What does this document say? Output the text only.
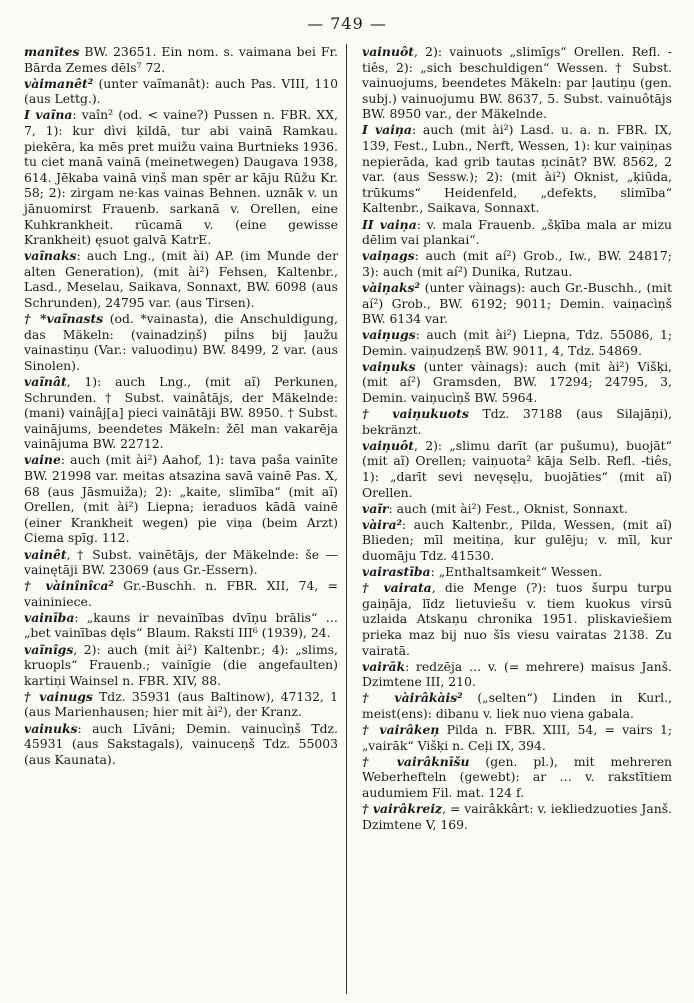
— 749 —

manītes BW. 23651. Ein nom. s. vaimana bei Fr. Bārda Zemes dēls⁷ 72.

vàimanêt² (unter vaĩmanât): auch Pas. VIII, 110 (aus Lettg.).

I vaĩna: vaîn² (od. < vaine?) Pussen n. FBR. XX, 7, 1): kur dìvi ķildā, tur abi vainā Ramkau. piekēra, ka mēs pret muižu vaina Burtnieks 1936. tu ciet manā vainā (meinetwegen) Daugava 1938, 614. Jēkaba vainā viņš man spēr ar kāju Rūžu Kr. 58; 2): zirgam ne·kas vainas Behnen. uznāk v. un jānuomirst Frauenb. sarkanā v. Orellen, eine Kuhkrankheit. rūcamā v. (eine gewisse Krankheit) ęsuot galvā KatrE.

vaĩnaks: auch Lng., (mit ài) AP. (im Munde der alten Generation), (mit ài²) Fehsen, Kaltenbr., Lasd., Meselau, Saikava, Sonnaxt, BW. 6098 (aus Schrunden), 24795 var. (aus Tirsen).

† *vaĩnasts (od. *vainasta), die Anschuldigung, das Mäkeln: (vainadziņš) piĺns bij ļaužu vainastiņu (Var.: valuodiņu) BW. 8499, 2 var. (aus Sinolen).

vaĩnât, 1): auch Lng., (mit aĩ) Perkunen, Schrunden. † Subst. vainâtājs, der Mäkelnde: (mani) vainâj[a] pieci vainātāji BW. 8950. † Subst. vainājums, beendetes Mäkeln: žēl man vakarēja vainājuma BW. 22712.

vaine: auch (mit ài²) Aahof, 1): tava paša vainīte BW. 21998 var. meitas atsazina savā vainē Pas. X, 68 (aus Jāsmuiža); 2): „kaite, slimība“ (mit aĩ) Orellen, (mit ài²) Liepna; ieraduos kādā vainē (einer Krankheit wegen) pie viņa (beim Arzt) Ciema spīg. 112.

vainêt, † Subst. vainētājs, der Mäkelnde: še — vainętāji BW. 23069 (aus Gr.-Essern).

† vàinînîca² Gr.-Buschh. n. FBR. XII, 74, = vaininiece.

vainība: „kauns ir nevainības dvīņu brālis“ … „bet vainības dęls“ Blaum. Raksti III⁶ (1939), 24.

vaĩnîgs, 2): auch (mit ài²) Kaltenbr.; 4): „slims, kruopls“ Frauenb.; vainīgie (die angefaulten) kartiņi Wainsel n. FBR. XIV, 88.

† vainugs Tdz. 35931 (aus Baltinow), 47132, 1 (aus Marienhausen; hier mit ài²), der Kranz.

vainuks: auch Līvāni; Demin. vainucìņš Tdz. 45931 (aus Sakstagals), vainuceņš Tdz. 55003 (aus Kaunata).

vainuôt, 2): vainuots „slimīgs“ Orellen. Refl. -tiês, 2): „sich beschuldigen“ Wessen. † Subst. vainuojums, beendetes Mäkeln: par ļautiņu (gen. subj.) vainuojumu BW. 8637, 5. Subst. vainuôtājs BW. 8950 var., der Mäkelnde.

I vaiņa: auch (mit ài²) Lasd. u. a. n. FBR. IX, 139, Fest., Lubn., Nerft, Wessen, 1): kur vaiņiņas nepierāda, kad grib tautas ņcināt? BW. 8562, 2 var. (aus Sessw.); 2): (mit ài²) Oknist, „ķiūda, trūkums“ Heidenfeld, „defekts, slimība“ Kaltenbr., Saikava, Sonnaxt.

II vaiņa: v. mala Frauenb. „šķība mala ar mizu dēlim vai plankai“.

vaiņags: auch (mit aí²) Grob., Iw., BW. 24817; 3): auch (mit aí²) Dunika, Rutzau.

vàiņaks² (unter vàinags): auch Gr.-Buschh., (mit aí²) Grob., BW. 6192; 9011; Demin. vaiņacìņš BW. 6134 var.

vaiņugs: auch (mit ài²) Liepna, Tdz. 55086, 1; Demin. vaiņudzeņš BW. 9011, 4, Tdz. 54869.

vaiņuks (unter vàinags): auch (mit ài²) Višķi, (mit aí²) Gramsden, BW. 17294; 24795, 3, Demin. vaiņucìņš BW. 5964.

† vaiņukuots Tdz. 37188 (aus Silajāņi), bekränzt.

vaiņuôt, 2): „slimu darīt (ar pušumu), buojāt“ (mit aĩ) Orellen; vaiņuota² kāja Selb. Refl. -tiês, 1): „darīt sevi nevęsęļu, buojāties“ (mit aĩ) Orellen.

vaĩr: auch (mit ài²) Fest., Oknist, Sonnaxt.

vàira²: auch Kaltenbr., Pilda, Wessen, (mit aĩ) Blieden; mīl meitiņa, kur gulēju; v. mīl, kur duomāju Tdz. 41530.

vairastība: „Enthaltsamkeit“ Wessen.

† vairata, die Menge (?): tuos šurpu turpu gaiņāja, līdz lietuviešu v. tiem kuokus virsū uzlaida Atskaņu chronika 1951. pliskaviešiem prieka maz bij nuo šīs viesu vairatas 2138. Zu vairatā.

vairāk: redzēja … v. (= mehrere) maisus Janš. Dzimtene III, 210.

† vàirâkàis² („selten“) Linden in Kurl., meist(ens): dibanu v. liek nuo viena gabala.

† vairâkeņ Pilda n. FBR. XIII, 54, = vairs 1; „vairāk“ Višķi n. Ceļi IX, 394.

† vairâknīšu (gen. pl.), mit mehreren Weberhefteln (gewebt): ar … v. rakstītiem audumiem Fil. mat. 124 f.

† vairâkreiz, = vairâkkârt: v. iekliedzuoties Janš. Dzimtene V, 169.
